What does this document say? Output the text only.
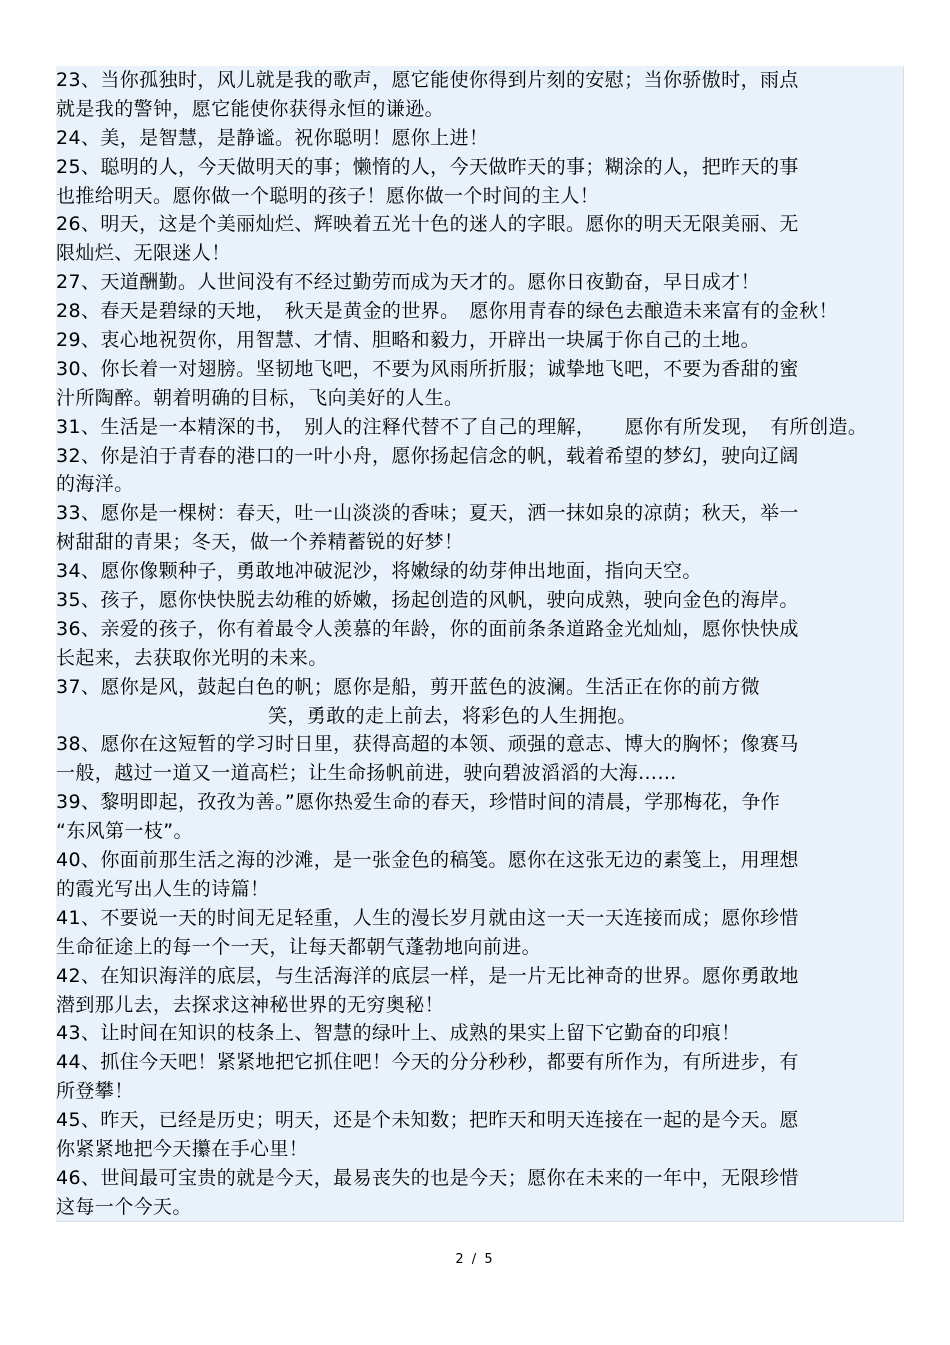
23、当你孤独时，风儿就是我的歌声，愿它能使你得到片刻的安慰；当你骄傲时，雨点
就是我的警钟，愿它能使你获得永恒的谦逊。
24、美，是智慧，是静谧。祝你聪明！愿你上进！
25、聪明的人，今天做明天的事；懒惰的人，今天做昨天的事；糊涂的人，把昨天的事
也推给明天。愿你做一个聪明的孩子！愿你做一个时间的主人！
26、明天，这是个美丽灿烂、辉映着五光十色的迷人的字眼。愿你的明天无限美丽、无
限灿烂、无限迷人！
27、天道酬勤。人世间没有不经过勤劳而成为天才的。愿你日夜勤奋，早日成才！
28、春天是碧绿的天地，　秋天是黄金的世界。　愿你用青春的绿色去酿造未来富有的金秋！
29、衷心地祝贺你，用智慧、才情、胆略和毅力，开辟出一块属于你自己的土地。
30、你长着一对翅膀。坚韧地飞吧，不要为风雨所折服；诚挚地飞吧，不要为香甜的蜜
汁所陶醉。朝着明确的目标，飞向美好的人生。
31、生活是一本精深的书，　别人的注释代替不了自己的理解，　　愿你有所发现，　有所创造。
32、你是泊于青春的港口的一叶小舟，愿你扬起信念的帆，载着希望的梦幻，驶向辽阔
的海洋。
33、愿你是一棵树：春天，吐一山淡淡的香味；夏天，洒一抹如泉的凉荫；秋天，举一
树甜甜的青果；冬天，做一个养精蓄锐的好梦！
34、愿你像颗种子，勇敢地冲破泥沙，将嫩绿的幼芽伸出地面，指向天空。
35、孩子，愿你快快脱去幼稚的娇嫩，扬起创造的风帆，驶向成熟，驶向金色的海岸。
36、亲爱的孩子，你有着最令人羡慕的年龄，你的面前条条道路金光灿灿，愿你快快成
长起来，去获取你光明的未来。
37、愿你是风，鼓起白色的帆；愿你是船，剪开蓝色的波澜。生活正在你的前方微
笑，勇敢的走上前去，将彩色的人生拥抱。
38、愿你在这短暂的学习时日里，获得高超的本领、顽强的意志、博大的胸怀；像赛马
一般，越过一道又一道高栏；让生命扬帆前进，驶向碧波滔滔的大海……
39、黎明即起，孜孜为善。”愿你热爱生命的春天，珍惜时间的清晨，学那梅花，争作
“东风第一枝”。
40、你面前那生活之海的沙滩，是一张金色的稿笺。愿你在这张无边的素笺上，用理想
的霞光写出人生的诗篇！
41、不要说一天的时间无足轻重，人生的漫长岁月就由这一天一天连接而成；愿你珍惜
生命征途上的每一个一天，让每天都朝气蓬勃地向前进。
42、在知识海洋的底层，与生活海洋的底层一样，是一片无比神奇的世界。愿你勇敢地
潜到那儿去，去探求这神秘世界的无穷奥秘！
43、让时间在知识的枝条上、智慧的绿叶上、成熟的果实上留下它勤奋的印痕！
44、抓住今天吧！紧紧地把它抓住吧！今天的分分秒秒，都要有所作为，有所进步，有
所登攀！
45、昨天，已经是历史；明天，还是个未知数；把昨天和明天连接在一起的是今天。愿
你紧紧地把今天攥在手心里！
46、世间最可宝贵的就是今天，最易丧失的也是今天；愿你在未来的一年中，无限珍惜
这每一个今天。
2 / 5
